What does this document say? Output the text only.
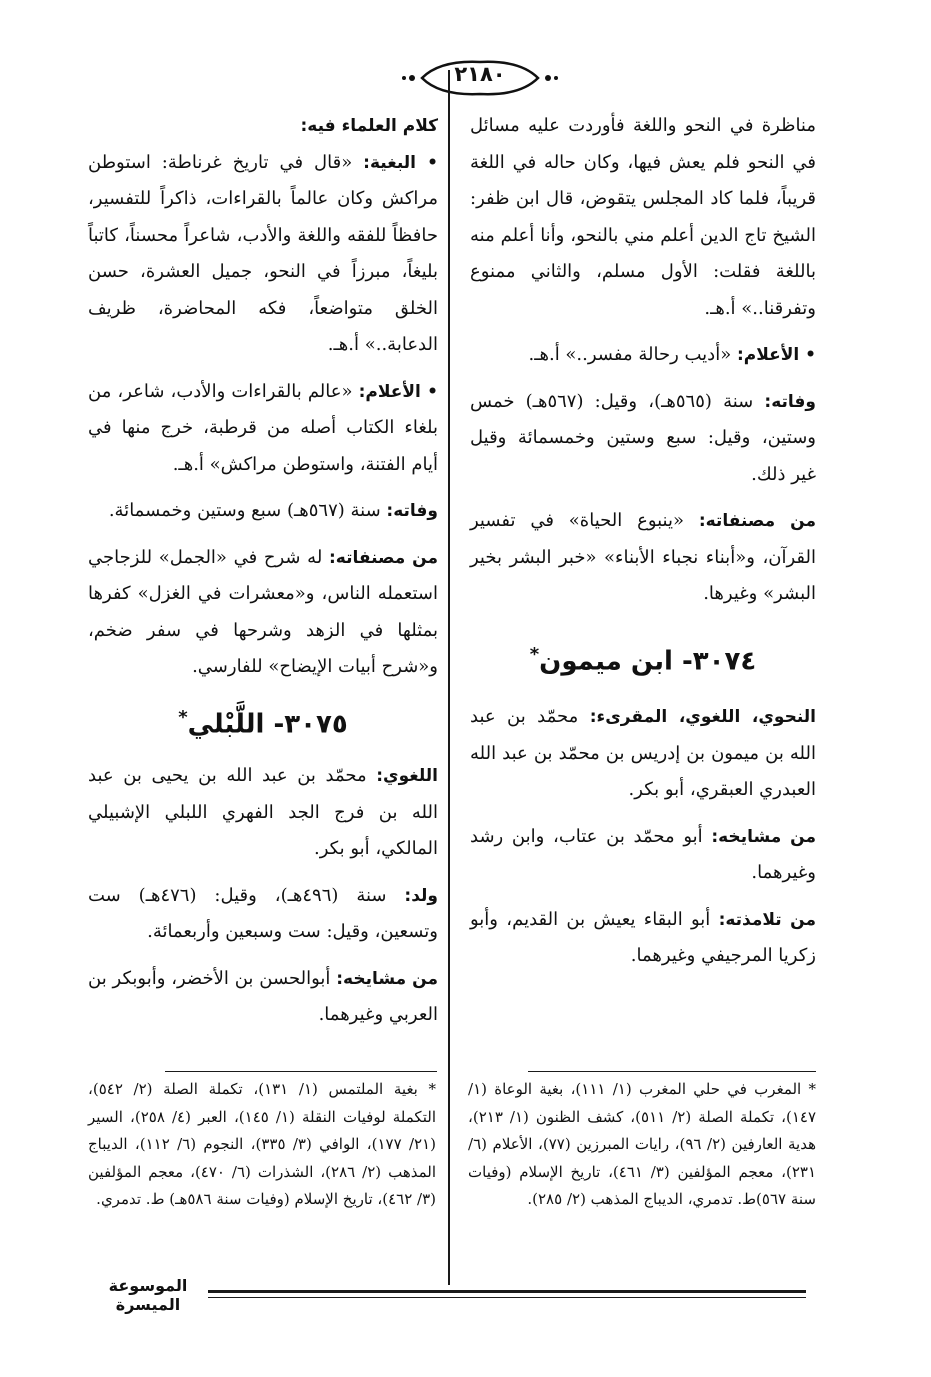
٢١٨٠

مناظرة في النحو واللغة فأوردت عليه مسائل في النحو فلم يعش فيها، وكان حاله في اللغة قريباً، فلما كاد المجلس يتقوض، قال ابن ظفر: الشيخ تاج الدين أعلم مني بالنحو، وأنا أعلم منه باللغة فقلت: الأول مسلم، والثاني ممنوع وتفرقنا..» أ.هـ.

• الأعلام: «أديب رحالة مفسر..» أ.هـ.

وفاته: سنة (٥٦٥هـ)، وقيل: (٥٦٧هـ) خمس وستين، وقيل: سبع وستين وخمسمائة وقيل غير ذلك.

من مصنفاته: «ينبوع الحياة» في تفسير القرآن، و«أبناء نجباء الأبناء» «خبر البشر بخير البشر» وغيرها.

٣٠٧٤- ابن ميمون*

النحوي، اللغوي، المقرىء: محمّد بن عبد الله بن ميمون بن إدريس بن محمّد بن عبد الله العبدري العبقري، أبو بكر.

من مشايخه: أبو محمّد بن عتاب، وابن رشد وغيرهما.

من تلامذته: أبو البقاء يعيش بن القديم، وأبو زكريا المرجيفي وغيرهما.

كلام العلماء فيه:

• البغية: «قال في تاريخ غرناطة: استوطن مراكش وكان عالماً بالقراءات، ذاكراً للتفسير، حافظاً للفقه واللغة والأدب، شاعراً محسناً، كاتباً بليغاً، مبرزاً في النحو، جميل العشرة، حسن الخلق متواضعاً، فكه المحاضرة، ظريف الدعابة..» أ.هـ.

• الأعلام: «عالم بالقراءات والأدب، شاعر، من بلغاء الكتاب أصله من قرطبة، خرج منها في أيام الفتنة، واستوطن مراكش» أ.هـ.

وفاته: سنة (٥٦٧هـ) سبع وستين وخمسمائة.

من مصنفاته: له شرح في «الجمل» للزجاجي استعمله الناس، و«معشرات في الغزل» كفرها بمثلها في الزهد وشرحها في سفر ضخم، و«شرح أبيات الإيضاح» للفارسي.

٣٠٧٥- اللَّبْلي*

اللغوي: محمّد بن عبد الله بن يحيى بن عبد الله بن فرج الجد الفهري اللبلي الإشبيلي المالكي، أبو بكر.

ولد: سنة (٤٩٦هـ)، وقيل: (٤٧٦هـ) ست وتسعين، وقيل: ست وسبعين وأربعمائة.

من مشايخه: أبوالحسن بن الأخضر، وأبوبكر بن العربي وغيرهما.

* المغرب في حلي المغرب (١/ ١١١)، بغية الوعاة (١/ ١٤٧)، تكملة الصلة (٢/ ٥١١)، كشف الظنون (١/ ٢١٣)، هدية العارفين (٢/ ٩٦)، رايات المبرزين (٧٧)، الأعلام (٦/ ٢٣١)، معجم المؤلفين (٣/ ٤٦١)، تاريخ الإسلام (وفيات سنة ٥٦٧)ط. تدمري، الديباج المذهب (٢/ ٢٨٥).
* بغية الملتمس (١/ ١٣١)، تكملة الصلة (٢/ ٥٤٢)، التكملة لوفيات النقلة (١/ ١٤٥)، العبر (٤/ ٢٥٨)، السير (٢١/ ١٧٧)، الوافي (٣/ ٣٣٥)، النجوم (٦/ ١١٢)، الديباج المذهب (٢/ ٢٨٦)، الشذرات (٦/ ٤٧٠)، معجم المؤلفين (٣/ ٤٦٢)، تاريخ الإسلام (وفيات سنة ٥٨٦هـ) ط. تدمري.
الموسوعة الميسرة
